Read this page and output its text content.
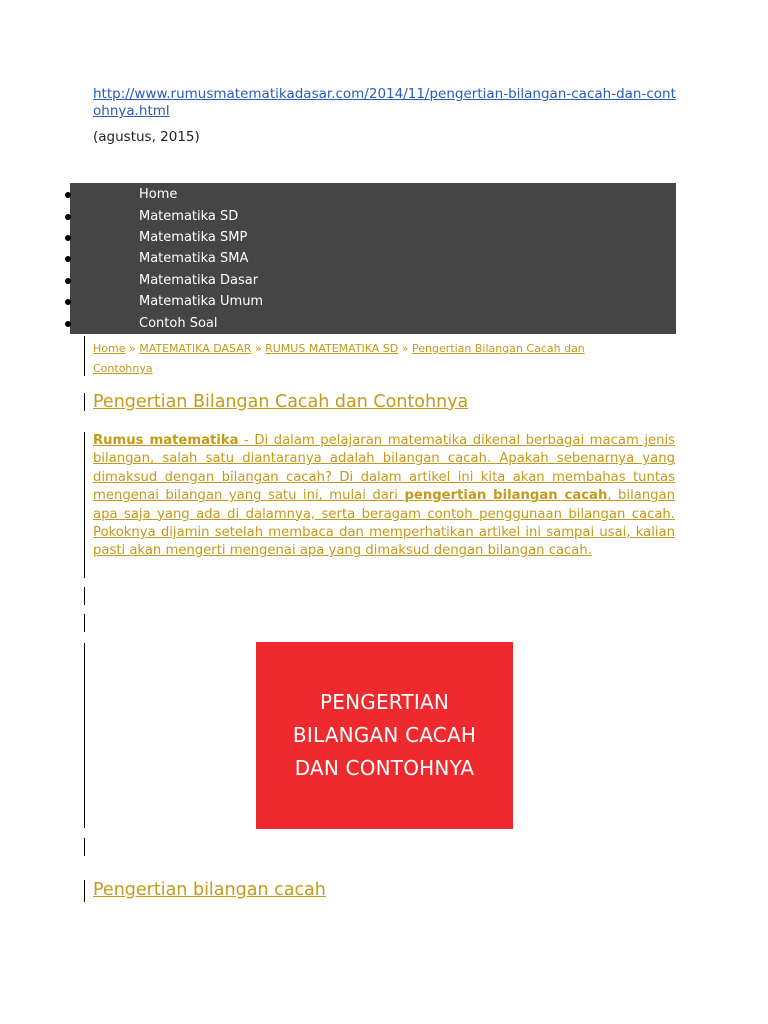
http://www.rumusmatematikadasar.com/2014/11/pengertian-bilangan-cacah-dan-contohnya.html
(agustus, 2015)
Home
Matematika SD
Matematika SMP
Matematika SMA
Matematika Dasar
Matematika Umum
Contoh Soal
Home » MATEMATIKA DASAR » RUMUS MATEMATIKA SD » Pengertian Bilangan Cacah dan Contohnya
Pengertian Bilangan Cacah dan Contohnya

Rumus matematika - Di dalam pelajaran matematika dikenal berbagai macam jenis bilangan, salah satu diantaranya adalah bilangan cacah. Apakah sebenarnya yang dimaksud dengan bilangan cacah? Di dalam artikel ini kita akan membahas tuntas mengenai bilangan yang satu ini, mulai dari pengertian bilangan cacah, bilangan apa saja yang ada di dalamnya, serta beragam contoh penggunaan bilangan cacah. Pokoknya dijamin setelah membaca dan memperhatikan artikel ini sampai usai, kalian pasti akan mengerti mengenai apa yang dimaksud dengan bilangan cacah.

PENGERTIAN
BILANGAN CACAH
DAN CONTOHNYA
Pengertian bilangan cacah
